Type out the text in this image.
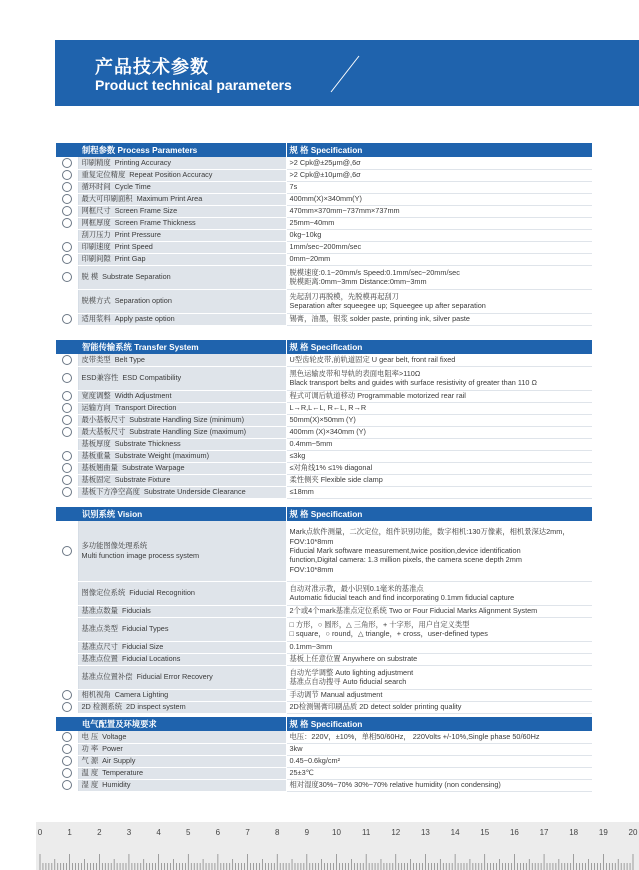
产品技术参数
Product technical parameters
制程参数 Process Parameters		规 格 Specification
	印刷精度 Printing Accuracy	>2 Cpk@±25μm@,6σ

	重复定位精度 Repeat Position Accuracy	>2 Cpk@±10μm@,6σ

	循环时间 Cycle Time	7s

	最大可印刷面积 Maximum Print Area	400mm(X)×340mm(Y)

	网框尺寸 Screen Frame Size	470mm×370mm~737mm×737mm

	网框厚度 Screen Frame Thickness	25mm~40mm

	刮刀压力 Print Pressure	0kg~10kg

	印刷速度 Print Speed	1mm/sec~200mm/sec

	印刷间隙 Print Gap	0mm~20mm

	脱 模 Substrate Separation	脱模速度:0.1~20mm/s Speed:0.1mm/sec~20mm/sec
脱模距离:0mm~3mm Distance:0mm~3mm

	脱模方式 Separation option	先起刮刀再脱模，先脱模再起刮刀
Separation after squeegee up; Squeegee up after separation

	适用浆料 Apply paste option	锡膏，油墨，银浆 solder paste, printing ink, silver paste
智能传输系统 Transfer System		规 格 Specification
	皮带类型 Belt Type	U型齿轮皮带,前轨道固定 U gear belt, front rail fixed

	ESD兼容性 ESD Compatibility	黑色运输皮带和导轨的表面电阻率>110Ω
Black transport belts and guides with surface resistivity of greater than 110 Ω

	宽度调整 Width Adjustment	程式可调后轨道移动 Programmable motorized rear rail

	运输方向 Transport Direction	L→R,L←L, R←L, R→R

	最小基板尺寸 Substrate Handling Size (minimum)	50mm(X)×50mm (Y)

	最大基板尺寸 Substrate Handling Size (maximum)	400mm (X)×340mm (Y)

	基板厚度 Substrate Thickness	0.4mm~5mm

	基板重量 Substrate Weight (maximum)	≤3kg

	基板翘曲量 Substrate Warpage	≤对角线1% ≤1% diagonal

	基板固定 Substrate Fixture	柔性侧夹 Flexible side clamp

	基板下方净空高度 Substrate Underside Clearance	≤18mm
识别系统 Vision		规 格 Specification

	多功能图像处理系统
Multi function image process system	Mark点软件测量，二次定位，组件识别功能，数字相机:130万像素，相机景深达2mm，
FOV:10*8mm
Fiducial Mark software measurement,twice position,device identification
function,Digital camera: 1.3 million pixels, the camera scene depth 2mm
FOV:10*8mm

	图像定位系统 Fiducial Recognition	自动对准示教，最小识别0.1毫米的基准点
Automatic fiducial teach and find incorporating 0.1mm fiducial capture

	基准点数量 Fiducials	2个或4个mark基准点定位系统 Two or Four Fiducial Marks Alignment System

	基准点类型 Fiducial Types	□ 方形，○ 圆形，△ 三角形，+ 十字形，用户自定义类型
□ square，○ round，△ triangle，+ cross，user-defined types

	基准点尺寸 Fiducial Size	0.1mm~3mm

	基准点位置 Fiducial Locations	基板上任意位置 Anywhere on substrate

	基准点位置补偿 Fiducial Error Recovery	自动光学调整 Auto lighting adjustment
基准点自动搜寻 Auto fiducial search

	相机视角 Camera Lighting	手动调节 Manual adjustment

	2D 检测系统 2D inspect system	2D检测锡膏印刷品质 2D detect solder printing quality
电气配置及环境要求		规 格 Specification
	电 压 Voltage	电压：220V，±10%，单相50/60Hz， 220Volts +/-10%,Single phase 50/60Hz

	功 率 Power	3kw

	气 源 Air Supply	0.45~0.6kg/cm²

	温 度 Temperature	25±3℃

	湿 度 Humidity	相对湿度30%~70% 30%~70% relative humidity (non condensing)
0	1	2	3	4	5	6	7	8	9	10	11	12	13	14	15	16	17	18	19	20
